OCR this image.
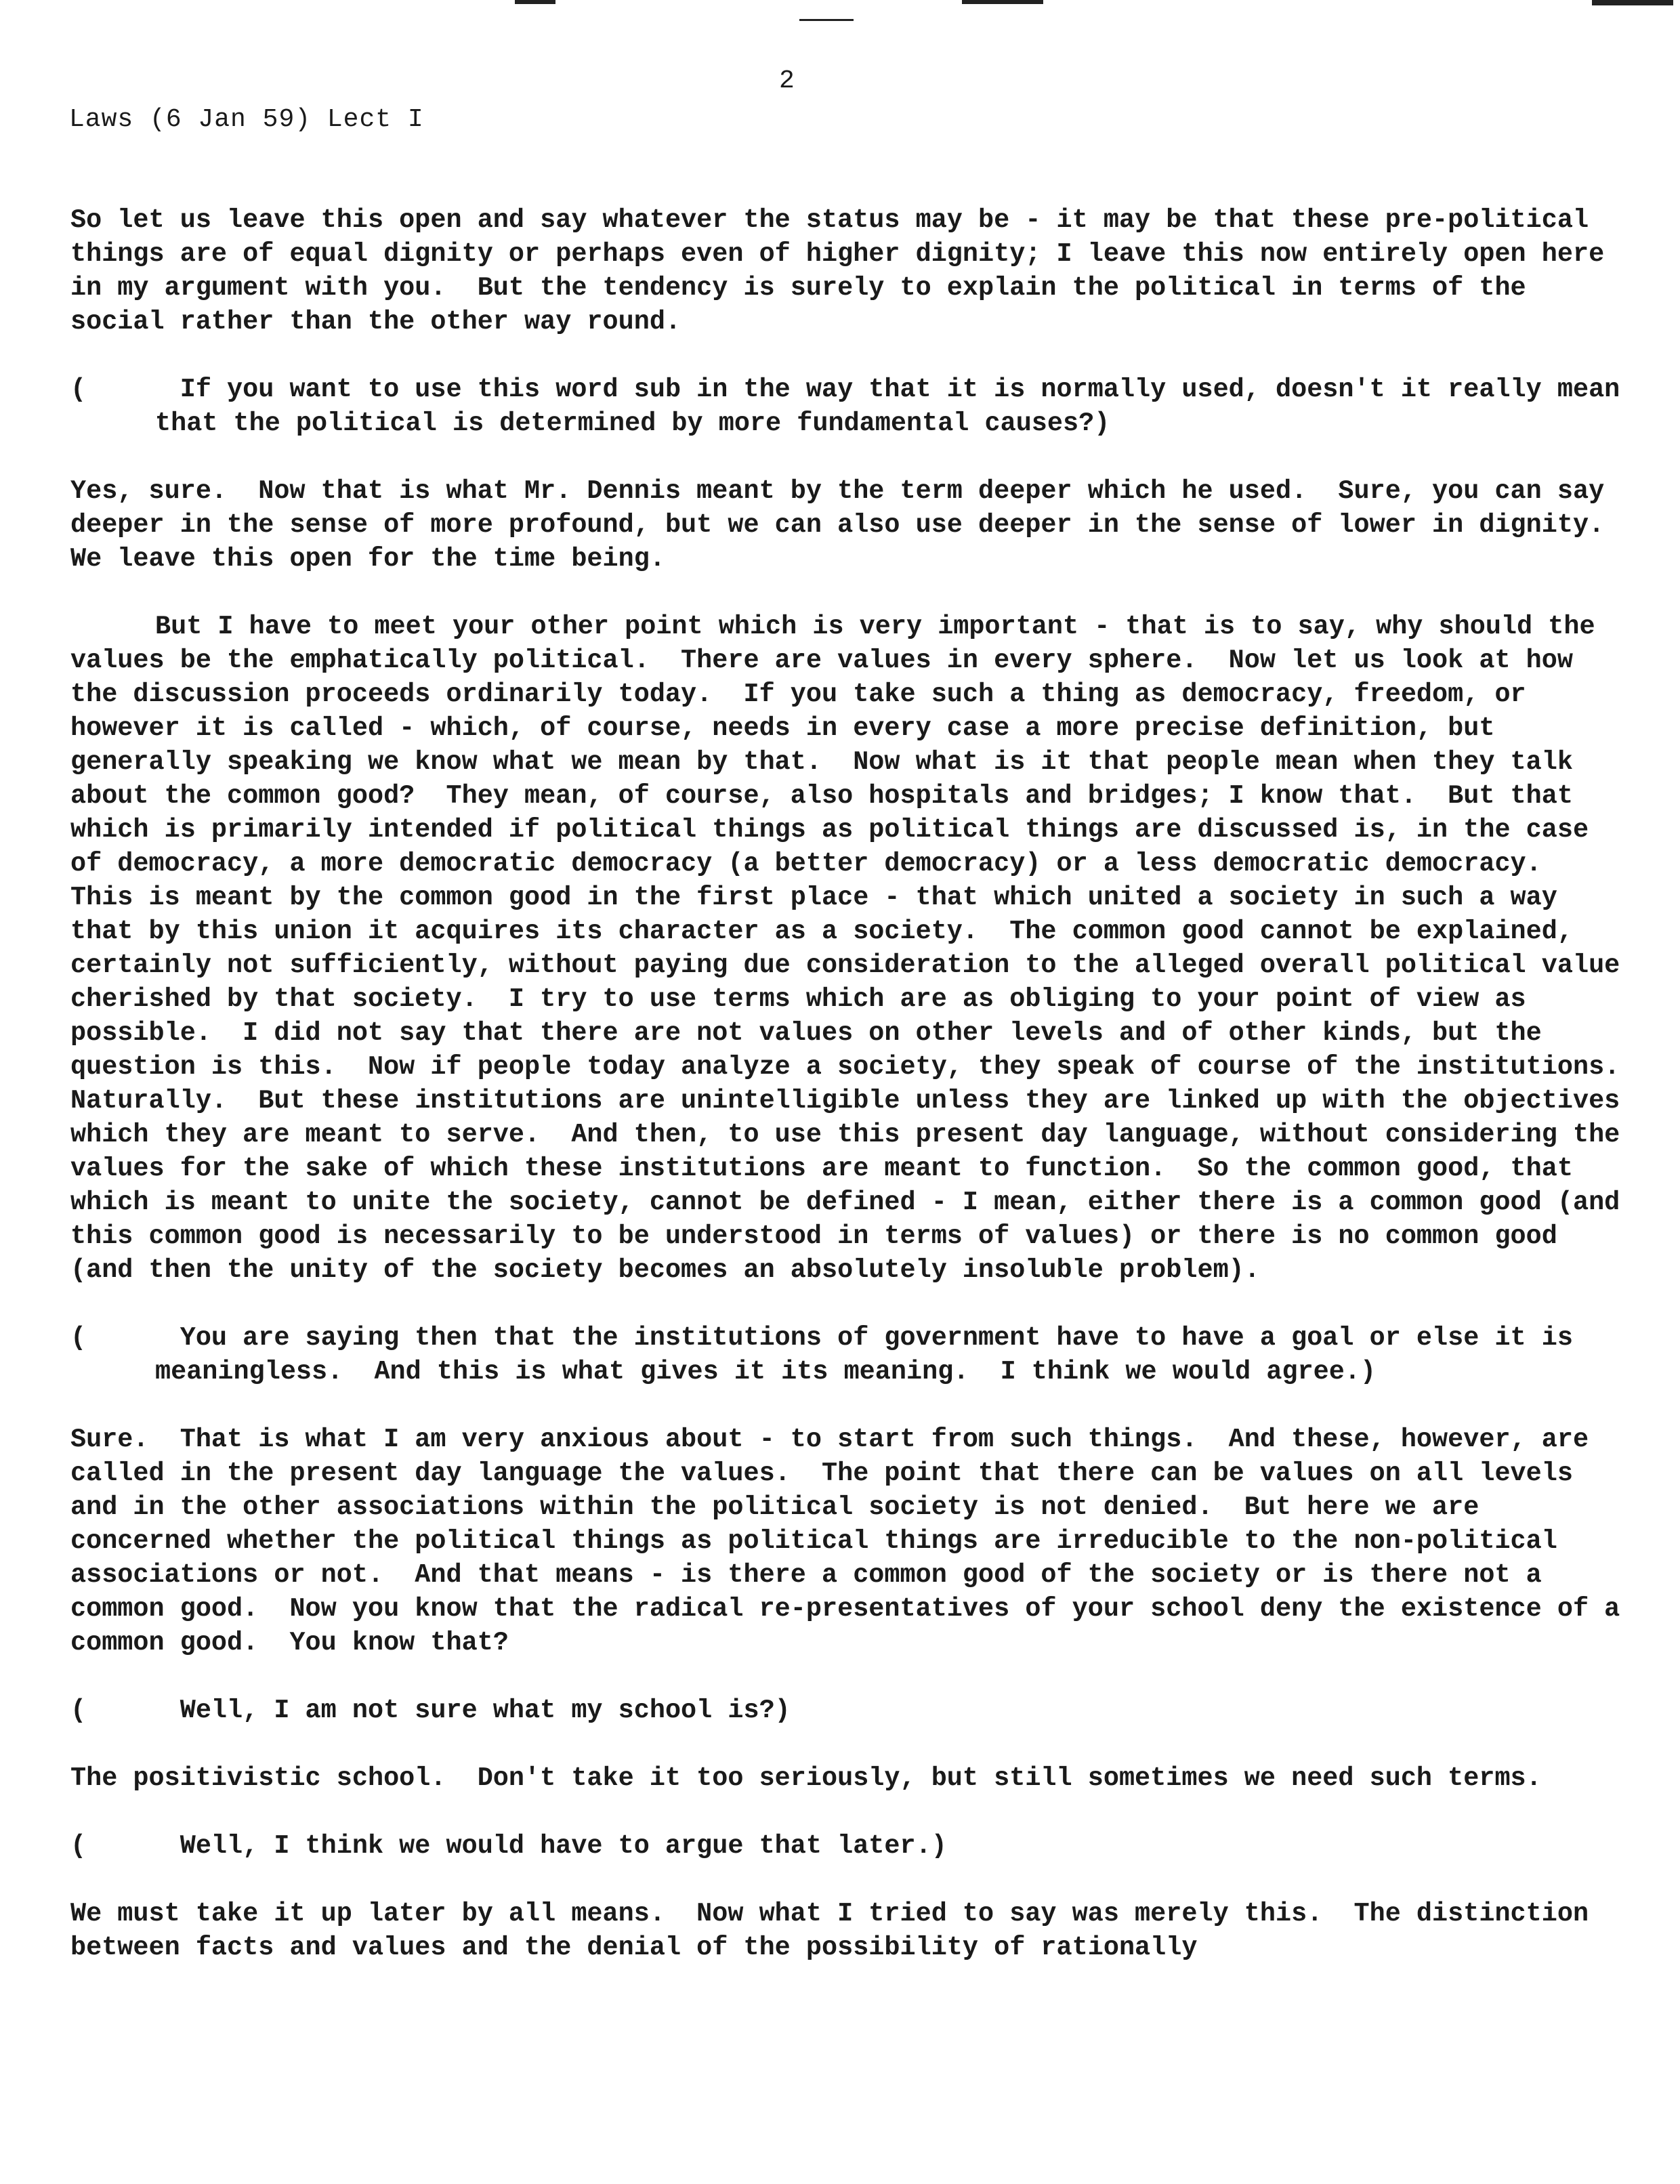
2
Laws (6 Jan 59) Lect I

So let us leave this open and say whatever the status may be - it may be that these pre-political things are of equal dignity or perhaps even of higher dignity; I leave this now entirely open here in my argument with you.  But the tendency is surely to explain the political in terms of the social rather than the other way round.

(      If you want to use this word sub in the way that it is normally used, doesn't it really mean that the political is determined by more fundamental causes?)

Yes, sure.  Now that is what Mr. Dennis meant by the term deeper which he used.  Sure, you can say deeper in the sense of more profound, but we can also use deeper in the sense of lower in dignity.  We leave this open for the time being.

But I have to meet your other point which is very important - that is to say, why should the values be the emphatically political.  There are values in every sphere.  Now let us look at how the discussion proceeds ordinarily today.  If you take such a thing as democracy, freedom, or however it is called - which, of course, needs in every case a more precise definition, but generally speaking we know what we mean by that.  Now what is it that people mean when they talk about the common good?  They mean, of course, also hospitals and bridges; I know that.  But that which is primarily intended if political things as political things are discussed is, in the case of democracy, a more democratic democracy (a better democracy) or a less democratic democracy.  This is meant by the common good in the first place - that which united a society in such a way that by this union it acquires its character as a society.  The common good cannot be explained, certainly not sufficiently, without paying due consideration to the alleged overall political value cherished by that society.  I try to use terms which are as obliging to your point of view as possible.  I did not say that there are not values on other levels and of other kinds, but the question is this.  Now if people today analyze a society, they speak of course of the institutions.  Naturally.  But these institutions are unintelligible unless they are linked up with the objectives which they are meant to serve.  And then, to use this present day language, without considering the values for the sake of which these institutions are meant to function.  So the common good, that which is meant to unite the society, cannot be defined - I mean, either there is a common good (and this common good is necessarily to be understood in terms of values) or there is no common good (and then the unity of the society becomes an absolutely insoluble problem).

(      You are saying then that the institutions of government have to have a goal or else it is meaningless.  And this is what gives it its meaning.  I think we would agree.)

Sure.  That is what I am very anxious about - to start from such things.  And these, however, are called in the present day language the values.  The point that there can be values on all levels and in the other associations within the political society is not denied.  But here we are concerned whether the political things as political things are irreducible to the non-political associations or not.  And that means - is there a common good of the society or is there not a common good.  Now you know that the radical re-presentatives of your school deny the existence of a common good.  You know that?

(      Well, I am not sure what my school is?)

The positivistic school.  Don't take it too seriously, but still sometimes we need such terms.

(      Well, I think we would have to argue that later.)

We must take it up later by all means.  Now what I tried to say was merely this.  The distinction between facts and values and the denial of the possibility of rationally
